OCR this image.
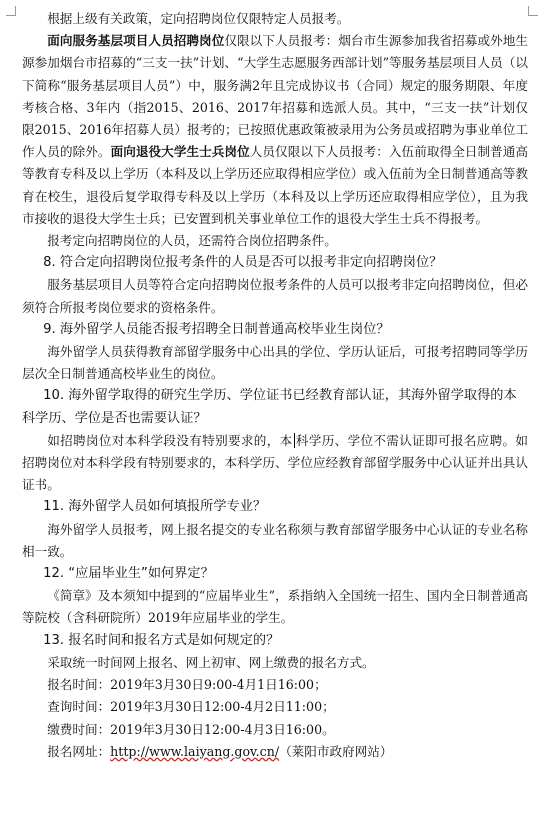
根据上级有关政策，定向招聘岗位仅限特定人员报考。

面向服务基层项目人员招聘岗位仅限以下人员报考：烟台市生源参加我省招募或外地生源参加烟台市招募的“三支一扶”计划、“大学生志愿服务西部计划”等服务基层项目人员（以下简称“服务基层项目人员”）中，服务满2年且完成协议书（合同）规定的服务期限、年度考核合格、3年内（指2015、2016、2017年招募和选派人员。其中，“三支一扶”计划仅限2015、2016年招募人员）报考的；已按照优惠政策被录用为公务员或招聘为事业单位工作人员的除外。面向退役大学生士兵岗位人员仅限以下人员报考：入伍前取得全日制普通高等教育专科及以上学历（本科及以上学历还应取得相应学位）或入伍前为全日制普通高等教育在校生，退役后复学取得专科及以上学历（本科及以上学历还应取得相应学位），且为我市接收的退役大学生士兵；已安置到机关事业单位工作的退役大学生士兵不得报考。

报考定向招聘岗位的人员，还需符合岗位招聘条件。

8. 符合定向招聘岗位报考条件的人员是否可以报考非定向招聘岗位？

服务基层项目人员等符合定向招聘岗位报考条件的人员可以报考非定向招聘岗位，但必须符合所报考岗位要求的资格条件。

9. 海外留学人员能否报考招聘全日制普通高校毕业生岗位？

海外留学人员获得教育部留学服务中心出具的学位、学历认证后，可报考招聘同等学历层次全日制普通高校毕业生的岗位。

10. 海外留学取得的研究生学历、学位证书已经教育部认证，其海外留学取得的本科学历、学位是否也需要认证？

如招聘岗位对本科学段没有特别要求的，本 科学历、学位不需认证即可报名应聘。如招聘岗位对本科学段有特别要求的，本科学历、学位应经教育部留学服务中心认证并出具认证书。

11. 海外留学人员如何填报所学专业？

海外留学人员报考，网上报名提交的专业名称须与教育部留学服务中心认证的专业名称相一致。

12. “应届毕业生”如何界定？

《简章》及本须知中提到的“应届毕业生”，系指纳入全国统一招生、国内全日制普通高等院校（含科研院所）2019年应届毕业的学生。

13. 报名时间和报名方式是如何规定的？

采取统一时间网上报名、网上初审、网上缴费的报名方式。

报名时间：2019年3月30日9:00-4月1日16:00；

查询时间：2019年3月30日12:00-4月2日11:00；

缴费时间：2019年3月30日12:00-4月3日16:00。

报名网址：http://www.laiyang.gov.cn/（莱阳市政府网站）
